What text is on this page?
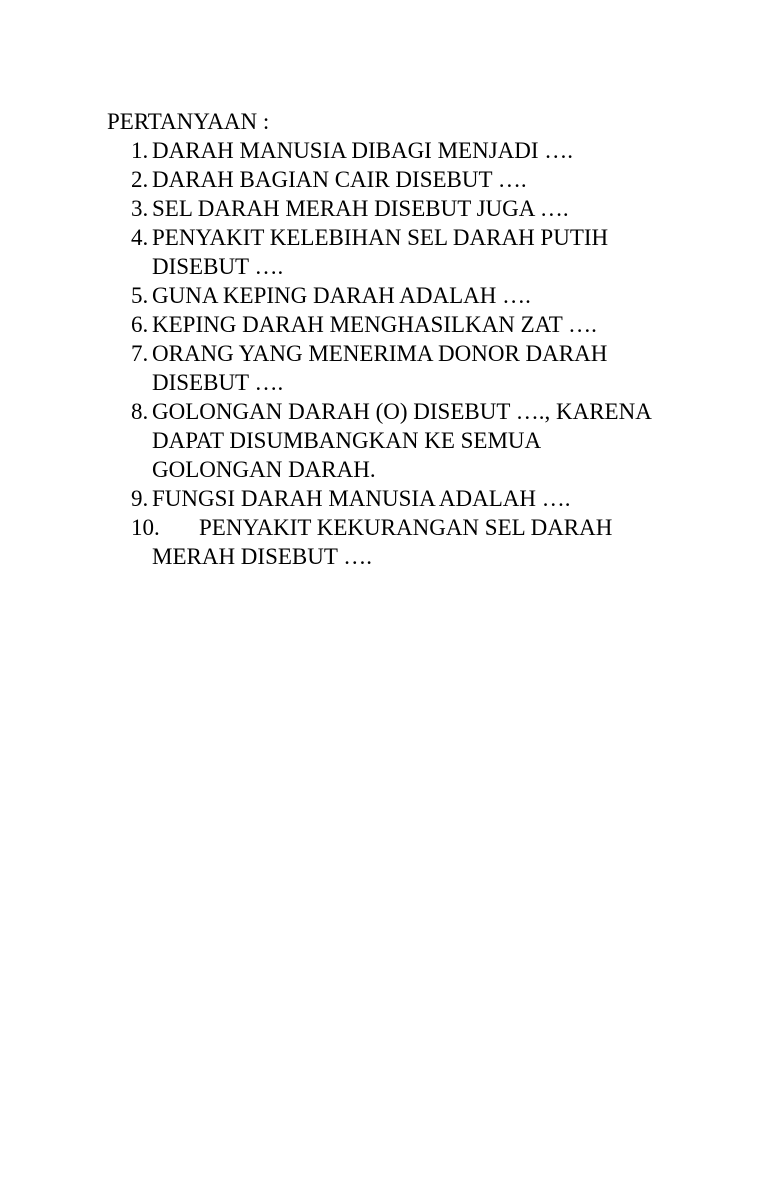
PERTANYAAN :

1. DARAH MANUSIA DIBAGI MENJADI ….
2. DARAH BAGIAN CAIR DISEBUT ….
3. SEL DARAH MERAH DISEBUT JUGA ….
4. PENYAKIT KELEBIHAN SEL DARAH PUTIH DISEBUT ….
5. GUNA KEPING DARAH ADALAH ….
6. KEPING DARAH MENGHASILKAN ZAT ….
7. ORANG YANG MENERIMA DONOR DARAH DISEBUT ….
8. GOLONGAN DARAH (O) DISEBUT …., KARENA DAPAT DISUMBANGKAN KE SEMUA GOLONGAN DARAH.
9. FUNGSI DARAH MANUSIA ADALAH ….
10.	PENYAKIT KEKURANGAN SEL DARAH MERAH DISEBUT ….
